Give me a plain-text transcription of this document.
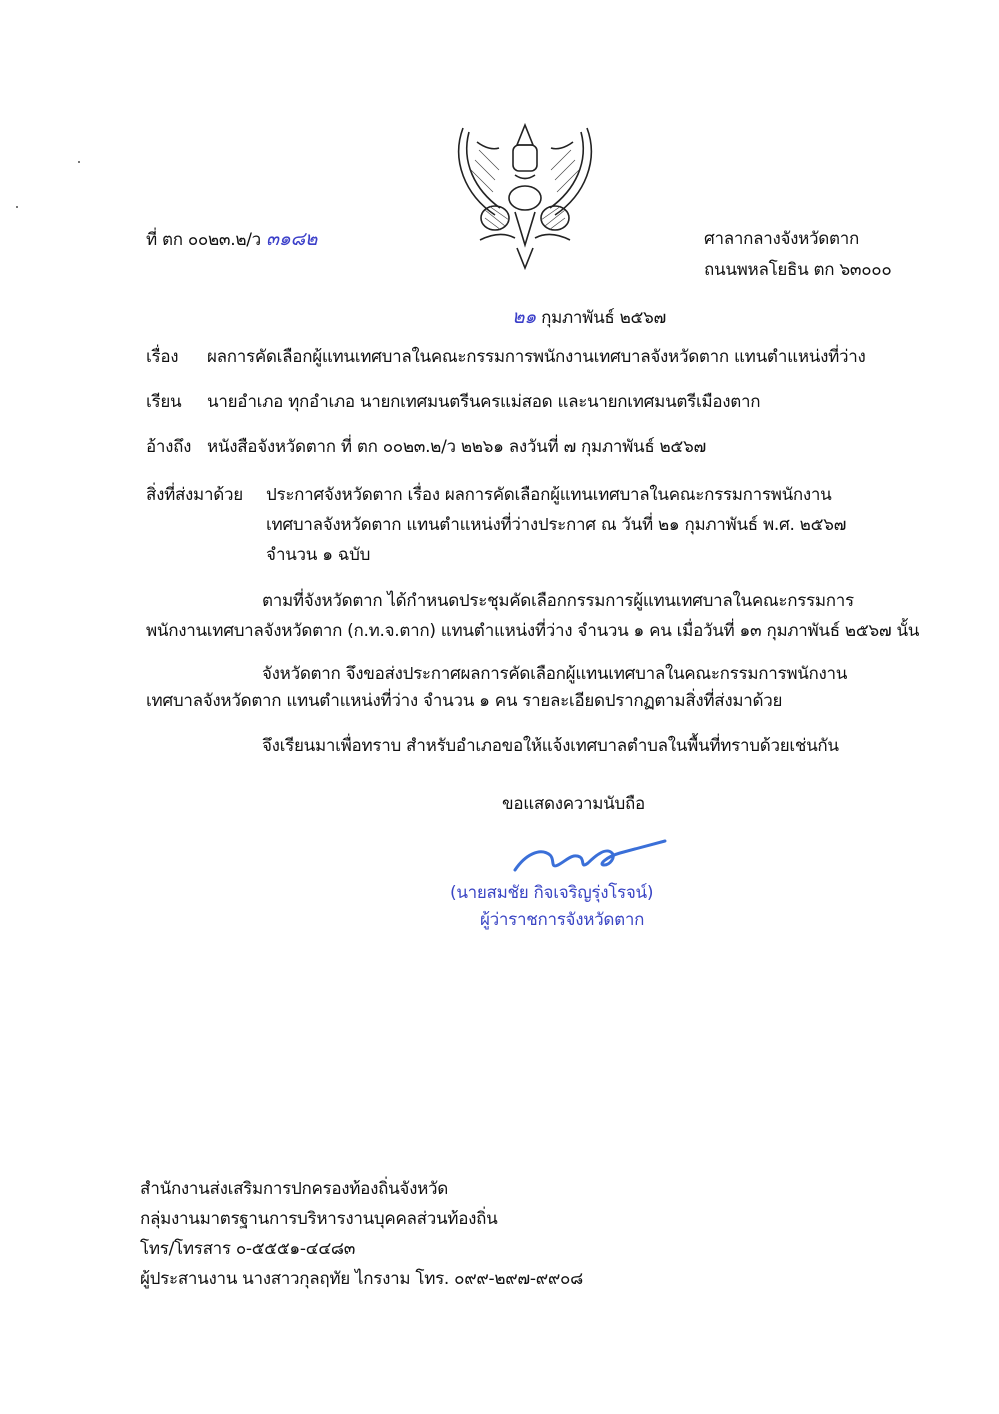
ที่ ตก ๐๐๒๓.๒/ว ๓๑๘๒	ศาลากลางจังหวัดตาก
ถนนพหลโยธิน ตก ๖๓๐๐๐
๒๑ กุมภาพันธ์ ๒๕๖๗
เรื่อง ผลการคัดเลือกผู้แทนเทศบาลในคณะกรรมการพนักงานเทศบาลจังหวัดตาก แทนตำแหน่งที่ว่าง
เรียน นายอำเภอ ทุกอำเภอ นายกเทศมนตรีนครแม่สอด และนายกเทศมนตรีเมืองตาก
อ้างถึง หนังสือจังหวัดตาก ที่ ตก ๐๐๒๓.๒/ว ๒๒๖๑ ลงวันที่ ๗ กุมภาพันธ์ ๒๕๖๗
สิ่งที่ส่งมาด้วย ประกาศจังหวัดตาก เรื่อง ผลการคัดเลือกผู้แทนเทศบาลในคณะกรรมการพนักงาน
เทศบาลจังหวัดตาก แทนตำแหน่งที่ว่างประกาศ ณ วันที่ ๒๑ กุมภาพันธ์ พ.ศ. ๒๕๖๗
จำนวน ๑ ฉบับ
ตามที่จังหวัดตาก ได้กำหนดประชุมคัดเลือกกรรมการผู้แทนเทศบาลในคณะกรรมการ
พนักงานเทศบาลจังหวัดตาก (ก.ท.จ.ตาก) แทนตำแหน่งที่ว่าง จำนวน ๑ คน เมื่อวันที่ ๑๓ กุมภาพันธ์ ๒๕๖๗ นั้น
จังหวัดตาก จึงขอส่งประกาศผลการคัดเลือกผู้แทนเทศบาลในคณะกรรมการพนักงาน
เทศบาลจังหวัดตาก แทนตำแหน่งที่ว่าง จำนวน ๑ คน รายละเอียดปรากฏตามสิ่งที่ส่งมาด้วย
จึงเรียนมาเพื่อทราบ สำหรับอำเภอขอให้แจ้งเทศบาลตำบลในพื้นที่ทราบด้วยเช่นกัน
ขอแสดงความนับถือ
(นายสมชัย กิจเจริญรุ่งโรจน์)
ผู้ว่าราชการจังหวัดตาก
สำนักงานส่งเสริมการปกครองท้องถิ่นจังหวัด
กลุ่มงานมาตรฐานการบริหารงานบุคคลส่วนท้องถิ่น
โทร/โทรสาร ๐-๕๕๕๑-๔๔๘๓
ผู้ประสานงาน นางสาวกุลฤทัย ไกรงาม โทร. ๐๙๙-๒๙๗-๙๙๐๘
